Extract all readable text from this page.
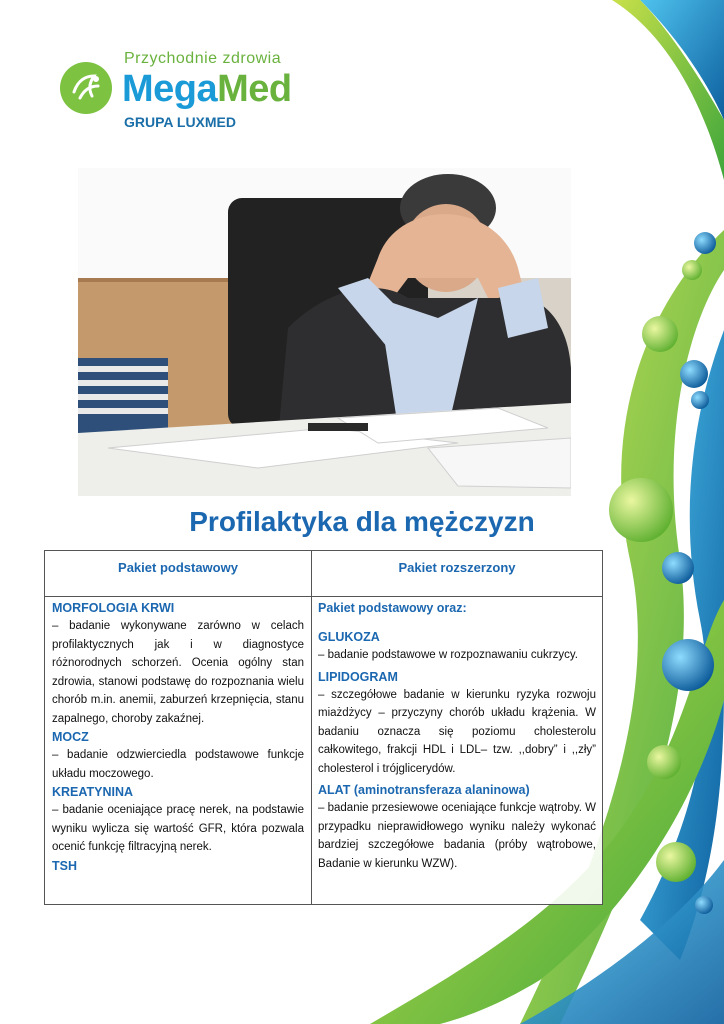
Przychodnie zdrowia
MegaMed
GRUPA LUXMED
Profilaktyka dla mężczyzn
Pakiet podstawowy	Pakiet rozszerzony
MORFOLOGIA KRWI

– badanie wykonywane zarówno w celach profilaktycznych jak i w diagnostyce różnorodnych schorzeń. Ocenia ogólny stan zdrowia, stanowi podstawę do rozpoznania wielu chorób m.in. anemii, zaburzeń krzepnięcia, stanu zapalnego, choroby zakaźnej.

MOCZ

– badanie odzwierciedla podstawowe funkcje układu moczowego.

KREATYNINA

– badanie oceniające pracę nerek, na podstawie wyniku wylicza się wartość GFR, która pozwala ocenić funkcję filtracyjną nerek.

TSH
Pakiet podstawowy oraz:
GLUKOZA

– badanie podstawowe w rozpoznawaniu cukrzycy.

LIPIDOGRAM

– szczegółowe badanie w kierunku ryzyka rozwoju miażdżycy – przyczyny chorób układu krążenia. W badaniu oznacza się poziomu cholesterolu całkowitego, frakcji HDL i LDL– tzw. ,,dobry” i ,,zły” cholesterol i trójglicerydów.

ALAT (aminotransferaza alaninowa)

– badanie przesiewowe oceniające funkcje wątroby. W przypadku nieprawidłowego wyniku należy wykonać bardziej szczegółowe badania (próby wątrobowe, Badanie w kierunku WZW).
